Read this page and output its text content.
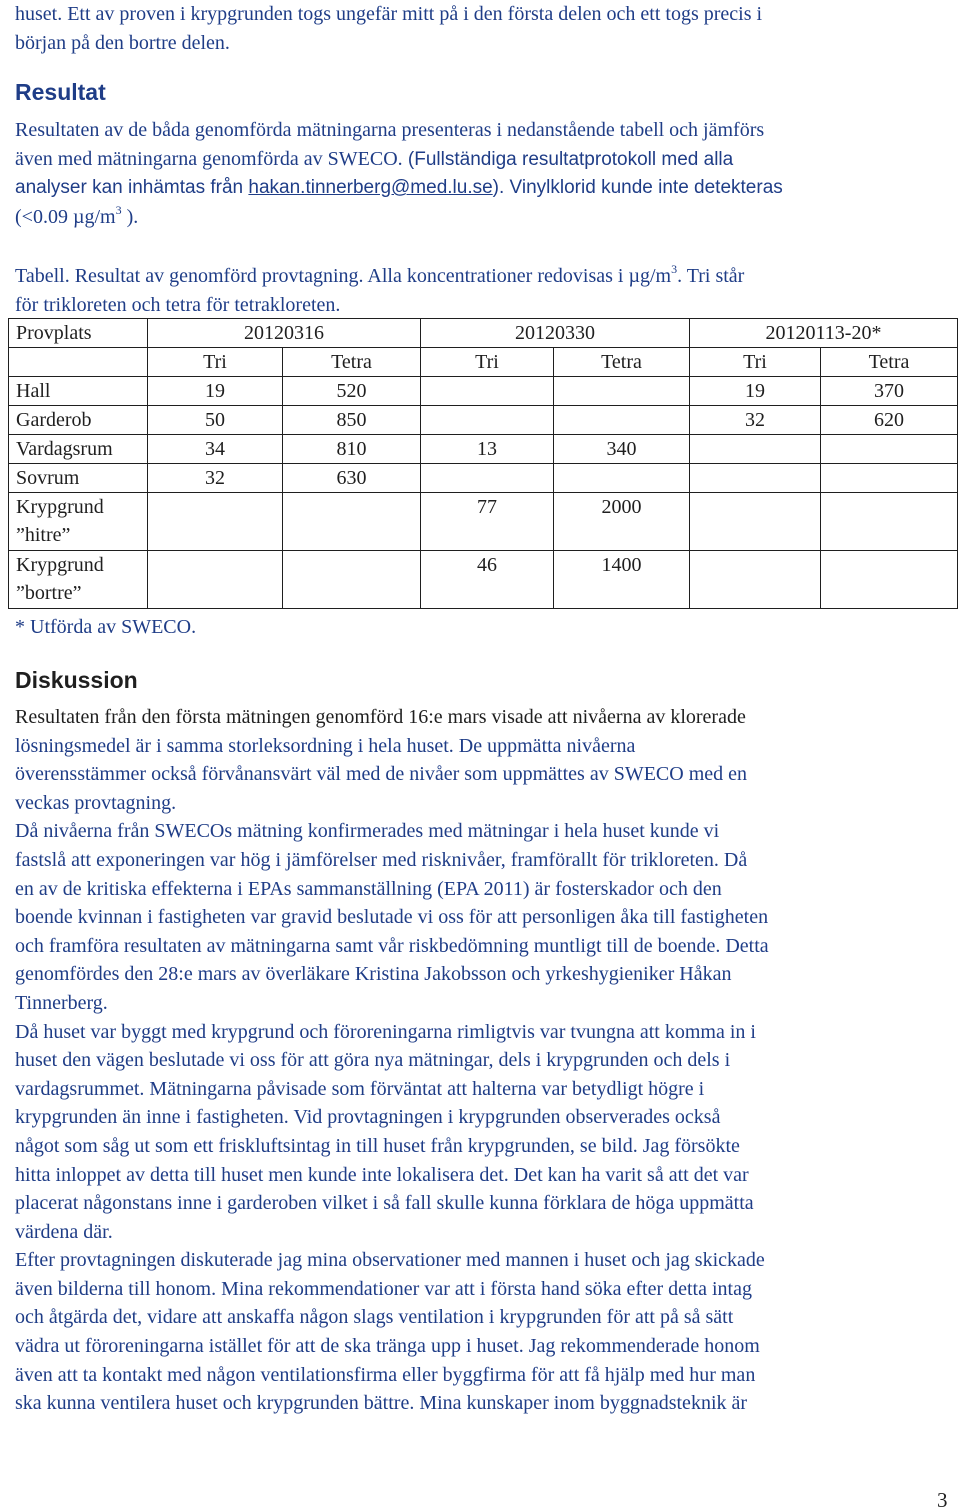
huset. Ett av proven i krypgrunden togs ungefär mitt på i den första delen och ett togs precis i

början på den bortre delen.

Resultat

Resultaten av de båda genomförda mätningarna presenteras i nedanstående tabell och jämförs

även med mätningarna genomförda av SWECO. (Fullständiga resultatprotokoll med alla

analyser kan inhämtas från hakan.tinnerberg@med.lu.se). Vinylklorid kunde inte detekteras

(<0.09 $\mu g/m^3$ ).

Tabell. Resultat av genomförd provtagning. Alla koncentrationer redovisas i $\mu g/m^3$. Tri står

för trikloreten och tetra för tetrakloreten.

Provplats	20120316		20120330		20120113-20*	
	Tri	Tetra	Tri	Tetra	Tri	Tetra
Hall	19	520			19	370
Garderob	50	850			32	620
Vardagsrum	34	810	13	340		
Sovrum	32	630				
Krypgrund
”hitre”			77	2000		
Krypgrund
”bortre”			46	1400		

* Utförda av SWECO.

Diskussion

Resultaten från den första mätningen genomförd 16:e mars visade att nivåerna av klorerade

lösningsmedel är i samma storleksordning i hela huset. De uppmätta nivåerna

överensstämmer också förvånansvärt väl med de nivåer som uppmättes av SWECO med en

veckas provtagning.

Då nivåerna från SWECOs mätning konfirmerades med mätningar i hela huset kunde vi

fastslå att exponeringen var hög i jämförelser med risknivåer, framförallt för trikloreten. Då

en av de kritiska effekterna i EPAs sammanställning (EPA 2011) är fosterskador och den

boende kvinnan i fastigheten var gravid beslutade vi oss för att personligen åka till fastigheten

och framföra resultaten av mätningarna samt vår riskbedömning muntligt till de boende. Detta

genomfördes den 28:e mars av överläkare Kristina Jakobsson och yrkeshygieniker Håkan

Tinnerberg.

Då huset var byggt med krypgrund och föroreningarna rimligtvis var tvungna att komma in i

huset den vägen beslutade vi oss för att göra nya mätningar, dels i krypgrunden och dels i

vardagsrummet. Mätningarna påvisade som förväntat att halterna var betydligt högre i

krypgrunden än inne i fastigheten. Vid provtagningen i krypgrunden observerades också

något som såg ut som ett friskluftsintag in till huset från krypgrunden, se bild. Jag försökte

hitta inloppet av detta till huset men kunde inte lokalisera det. Det kan ha varit så att det var

placerat någonstans inne i garderoben vilket i så fall skulle kunna förklara de höga uppmätta

värdena där.

Efter provtagningen diskuterade jag mina observationer med mannen i huset och jag skickade

även bilderna till honom. Mina rekommendationer var att i första hand söka efter detta intag

och åtgärda det, vidare att anskaffa någon slags ventilation i krypgrunden för att på så sätt

vädra ut föroreningarna istället för att de ska tränga upp i huset. Jag rekommenderade honom

även att ta kontakt med någon ventilationsfirma eller byggfirma för att få hjälp med hur man

ska kunna ventilera huset och krypgrunden bättre. Mina kunskaper inom byggnadsteknik är

3
